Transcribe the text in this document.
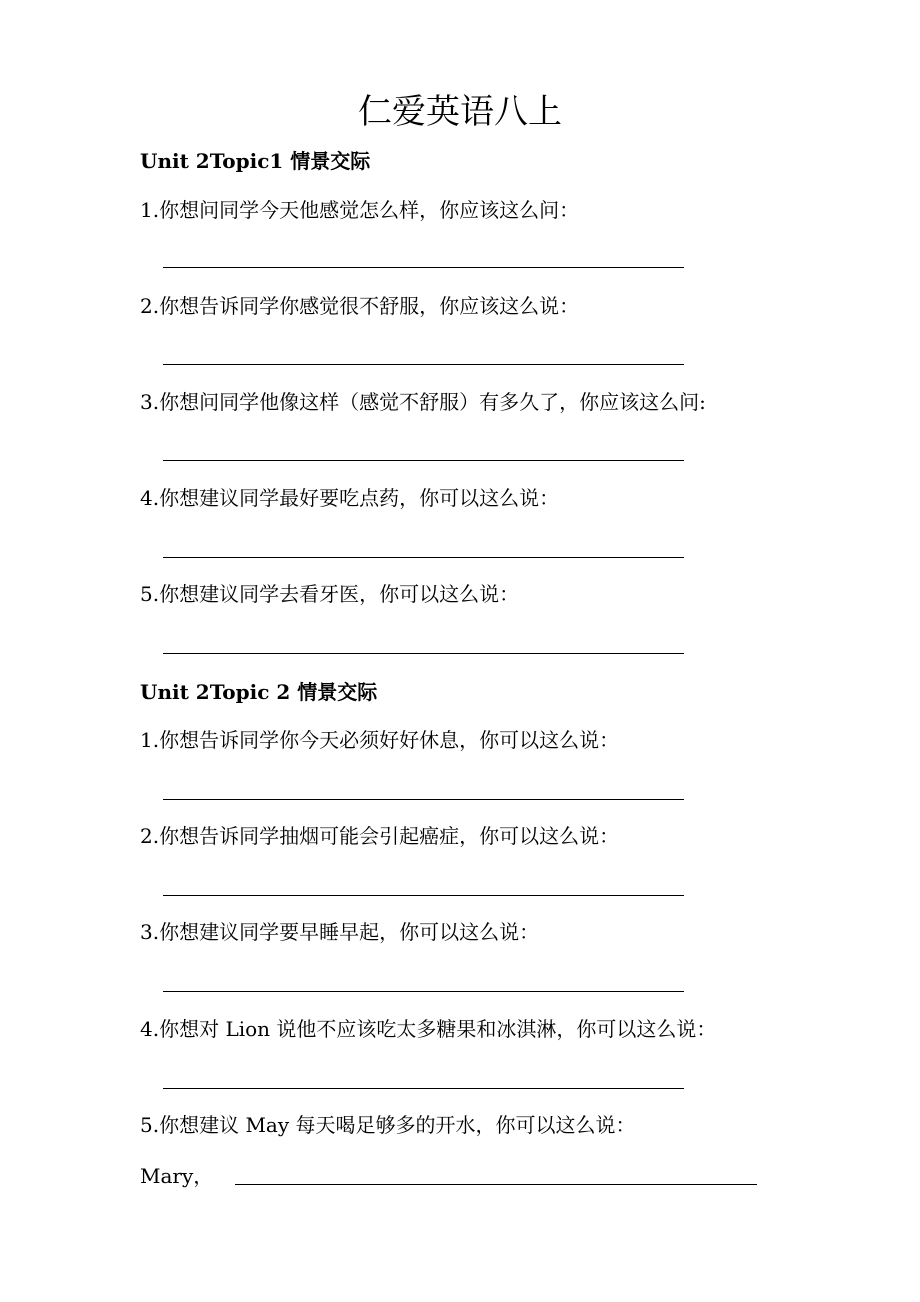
仁爱英语八上
Unit 2Topic1 情景交际
1.你想问同学今天他感觉怎么样，你应该这么问：
2.你想告诉同学你感觉很不舒服，你应该这么说：
3.你想问同学他像这样（感觉不舒服）有多久了，你应该这么问:
4.你想建议同学最好要吃点药，你可以这么说：
5.你想建议同学去看牙医，你可以这么说：
Unit 2Topic 2 情景交际
1.你想告诉同学你今天必须好好休息，你可以这么说：
2.你想告诉同学抽烟可能会引起癌症，你可以这么说：
3.你想建议同学要早睡早起，你可以这么说：
4.你想对 Lion 说他不应该吃太多糖果和冰淇淋，你可以这么说：
5.你想建议 May 每天喝足够多的开水，你可以这么说：
Mary，
